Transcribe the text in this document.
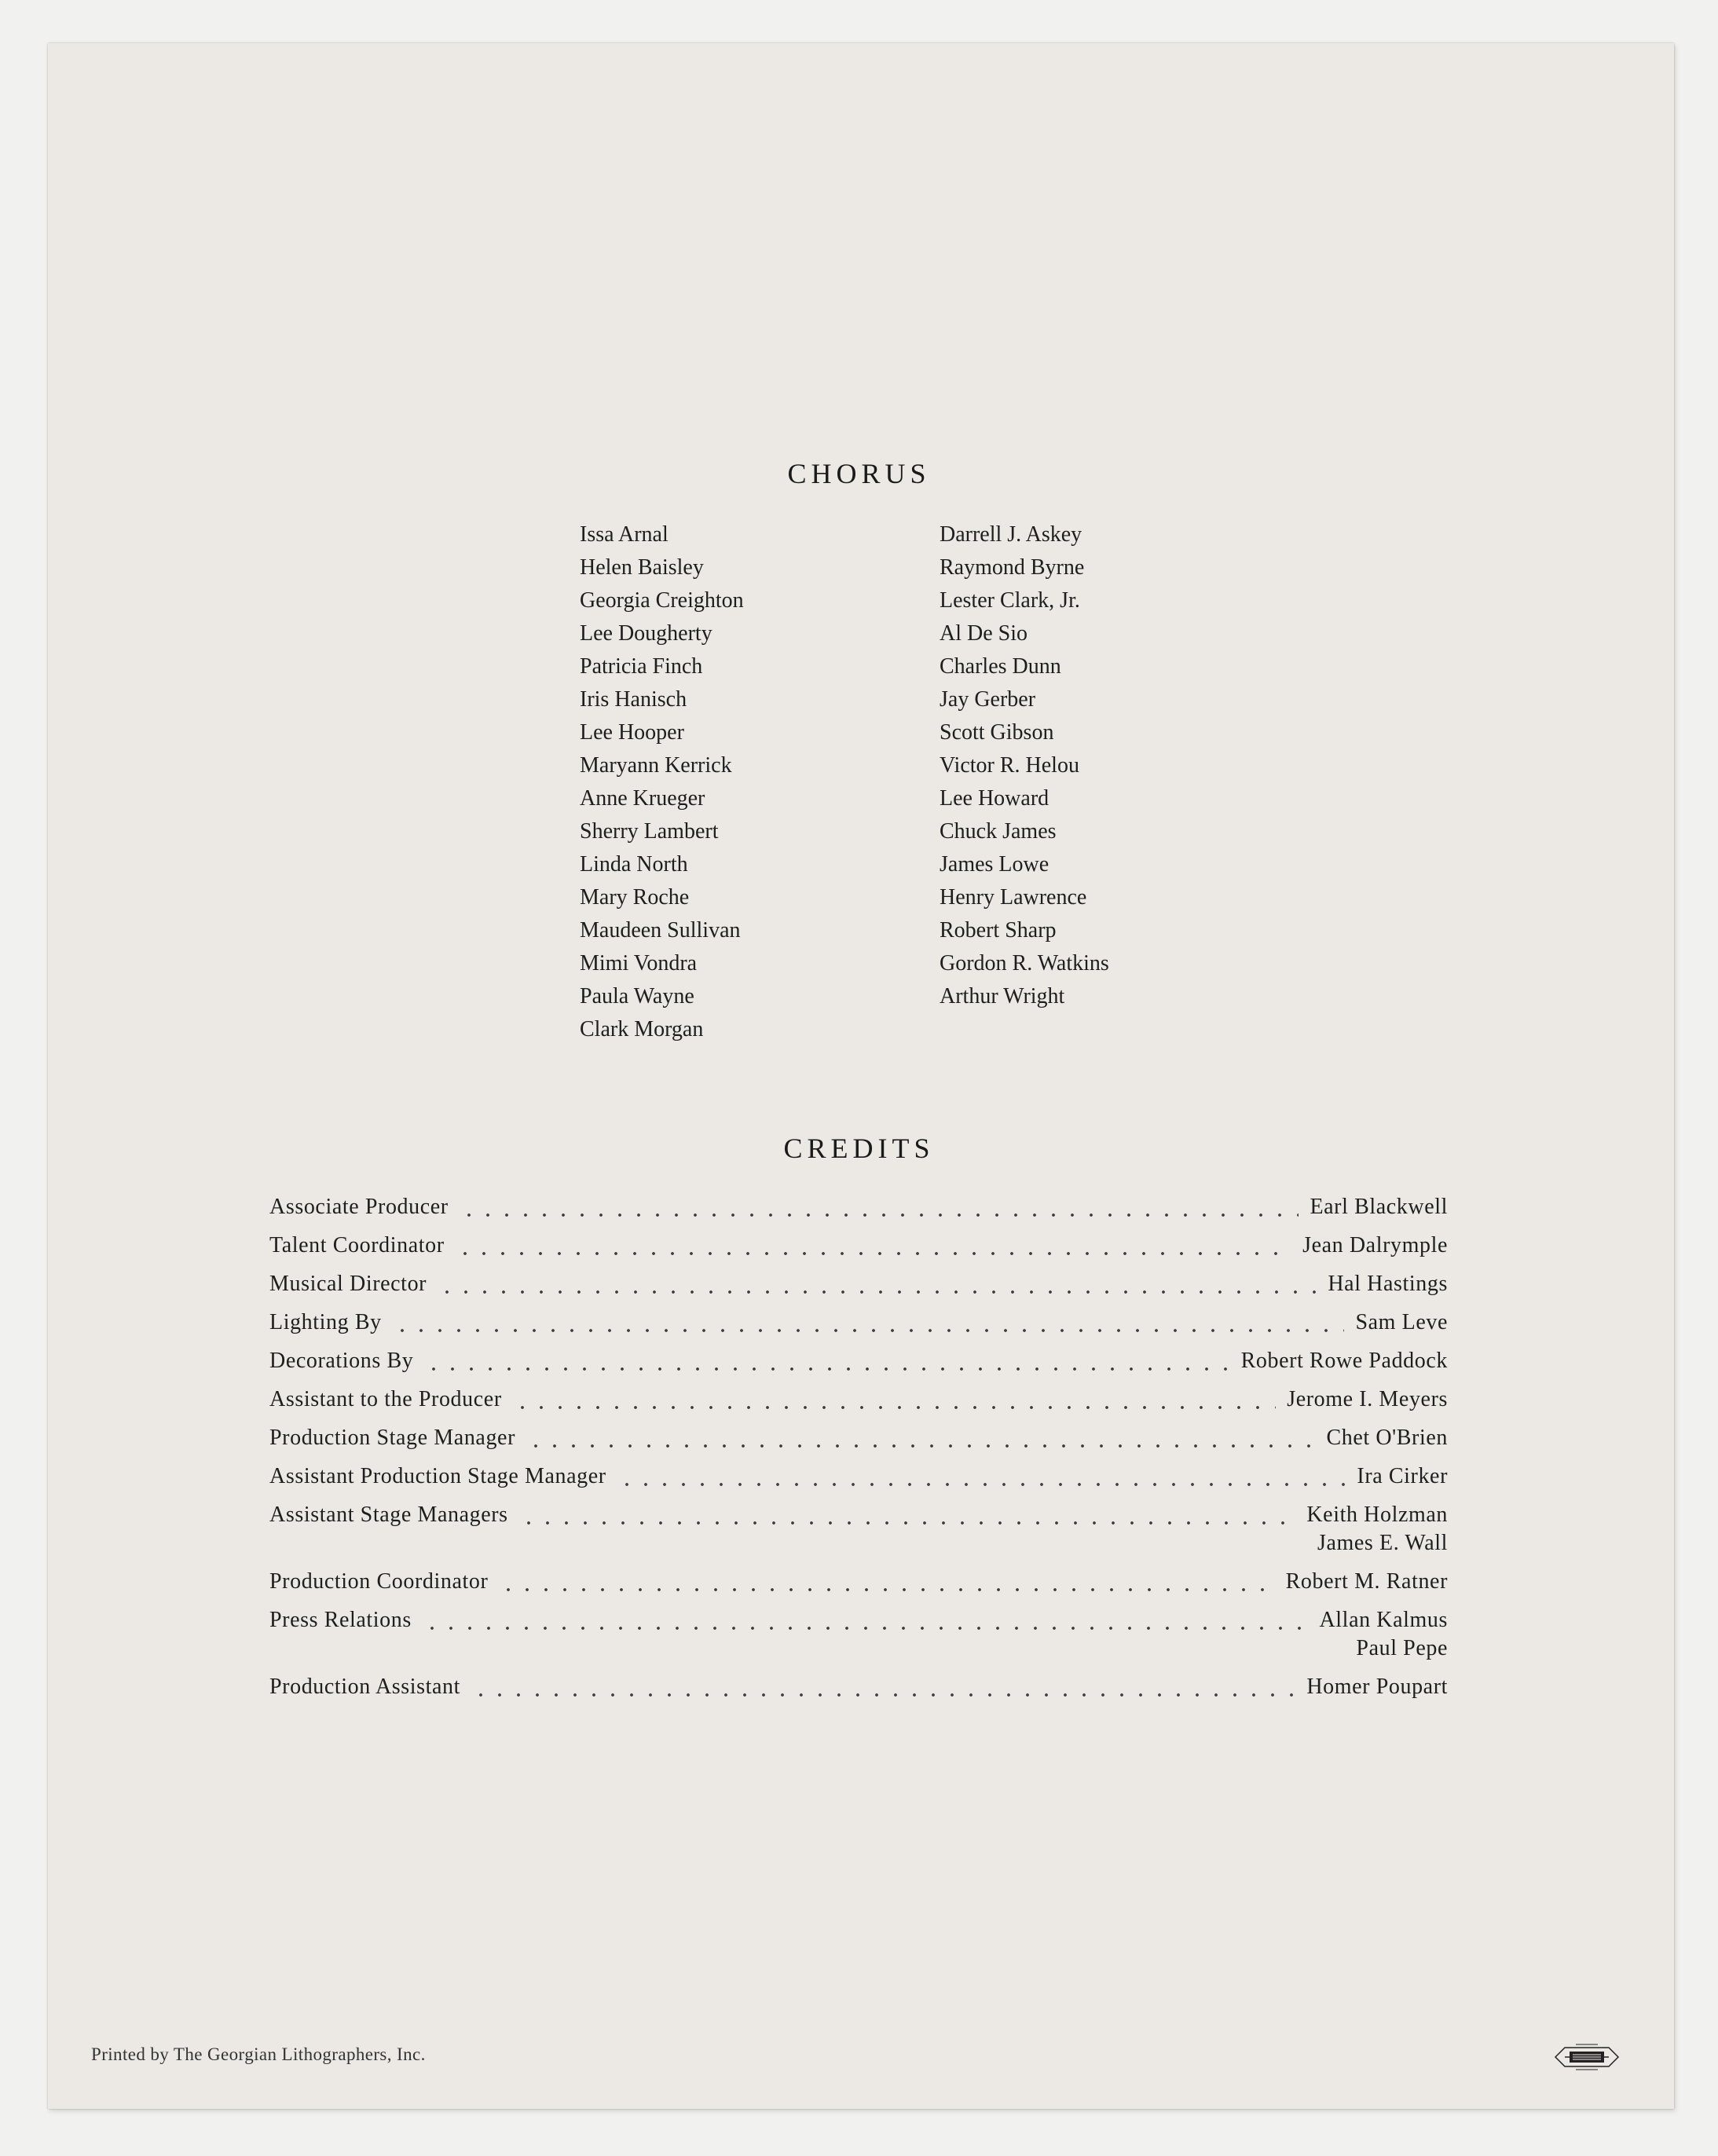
CHORUS
Issa Arnal
Helen Baisley
Georgia Creighton
Lee Dougherty
Patricia Finch
Iris Hanisch
Lee Hooper
Maryann Kerrick
Anne Krueger
Sherry Lambert
Linda North
Mary Roche
Maudeen Sullivan
Mimi Vondra
Paula Wayne
Clark Morgan
Darrell J. Askey
Raymond Byrne
Lester Clark, Jr.
Al De Sio
Charles Dunn
Jay Gerber
Scott Gibson
Victor R. Helou
Lee Howard
Chuck James
James Lowe
Henry Lawrence
Robert Sharp
Gordon R. Watkins
Arthur Wright
CREDITS
Associate Producer	Earl Blackwell
Talent Coordinator	Jean Dalrymple
Musical Director	Hal Hastings
Lighting By	Sam Leve
Decorations By	Robert Rowe Paddock
Assistant to the Producer	Jerome I. Meyers
Production Stage Manager	Chet O'Brien
Assistant Production Stage Manager	Ira Cirker
Assistant Stage Managers	Keith Holzman
James E. Wall
Production Coordinator	Robert M. Ratner
Press Relations	Allan Kalmus
Paul Pepe
Production Assistant	Homer Poupart
Printed by The Georgian Lithographers, Inc.
